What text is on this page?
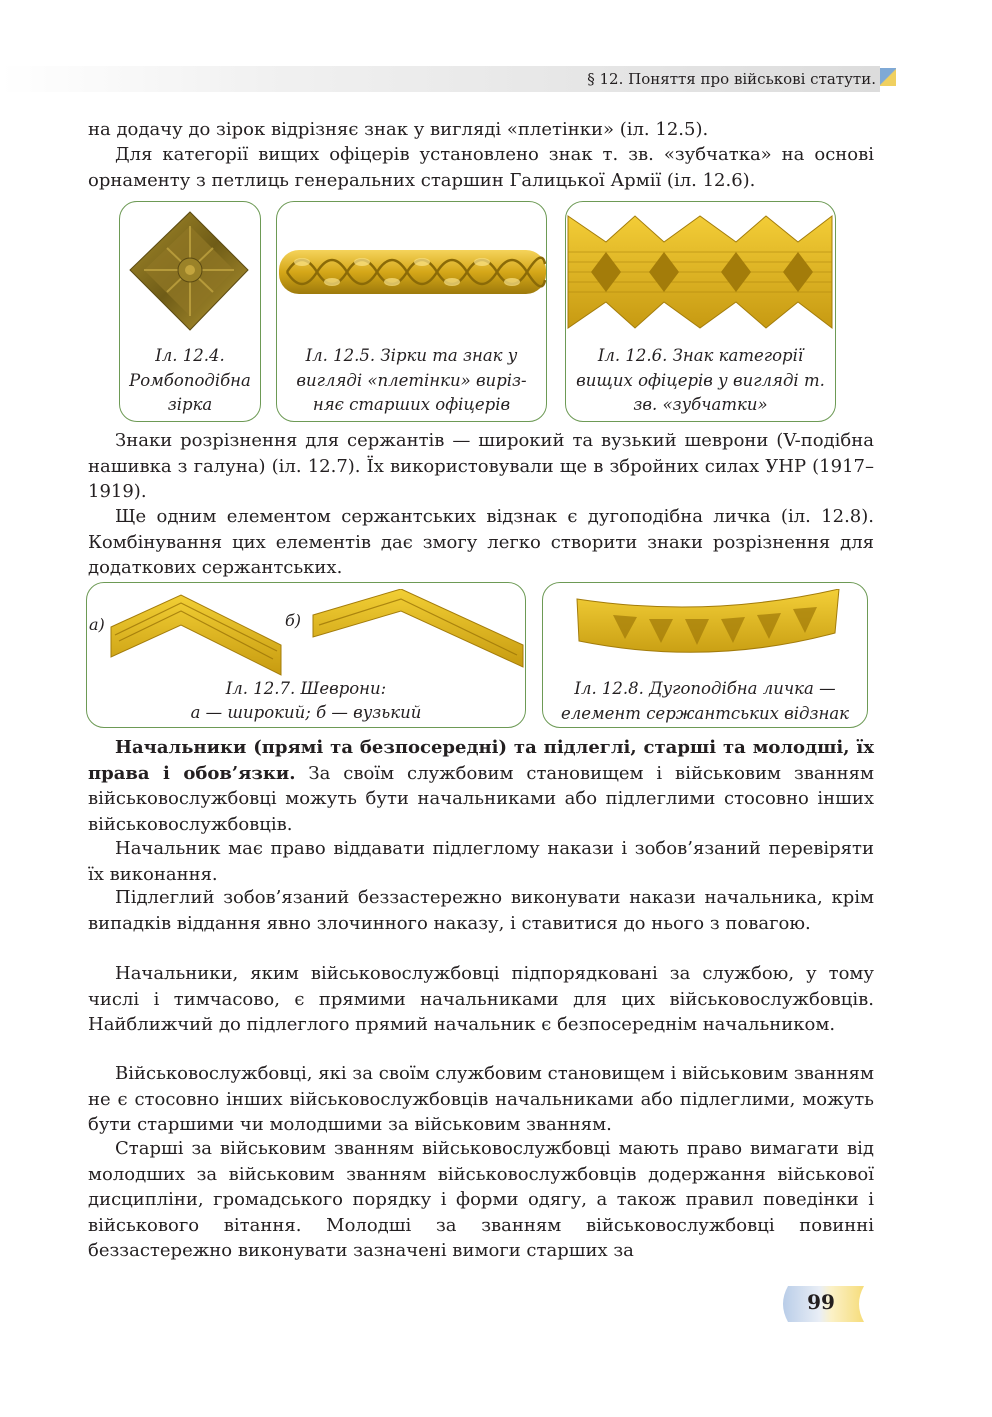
§ 12. Поняття про військові статути.

на додачу до зірок відрізняє знак у вигляді «плетінки» (іл. 12.5).

Для категорії вищих офіцерів установлено знак т. зв. «зубчатка» на основі орнаменту з петлиць генеральних старшин Галицької Армії (іл. 12.6).

Іл. 12.4. Ромбоподібна зірка
Іл. 12.5. Зірки та знак у вигляді «плетінки» вирізняє старших офіцерів
Іл. 12.6. Знак категорії вищих офіцерів у вигляді т. зв. «зубчатки»

Знаки розрізнення для сержантів — широкий та вузький шеврони (V-подібна нашивка з галуна) (іл. 12.7). Їх використовували ще в збройних силах УНР (1917–1919).

Ще одним елементом сержантських відзнак є дугоподібна личка (іл. 12.8). Комбінування цих елементів дає змогу легко створити знаки розрізнення для додаткових сержантських.

а)	б)
Іл. 12.7. Шеврони:
а — широкий; б — вузький
Іл. 12.8. Дугоподібна личка — елемент сержантських відзнак

Начальники (прямі та безпосередні) та підлеглі, старші та молодші, їх права і обов’язки. За своїм службовим становищем і військовим званням військовослужбовці можуть бути начальниками або підлеглими стосовно інших військовослужбовців.

Начальник має право віддавати підлеглому накази і зобов’язаний перевіряти їх виконання.

Підлеглий зобов’язаний беззастережно виконувати накази начальника, крім випадків віддання явно злочинного наказу, і ставитися до нього з повагою.

Начальники, яким військовослужбовці підпорядковані за службою, у тому числі і тимчасово, є прямими начальниками для цих військовослужбовців. Найближчий до підлеглого прямий начальник є безпосереднім начальником.

Військовослужбовці, які за своїм службовим становищем і військовим званням не є стосовно інших військовослужбовців начальниками або підлеглими, можуть бути старшими чи молодшими за військовим званням.

Старші за військовим званням військовослужбовці мають право вимагати від молодших за військовим званням військовослужбовців додержання військової дисципліни, громадського порядку і форми одягу, а також правил поведінки і військового вітання. Молодші за званням військовослужбовці повинні беззастережно виконувати зазначені вимоги старших за

99
